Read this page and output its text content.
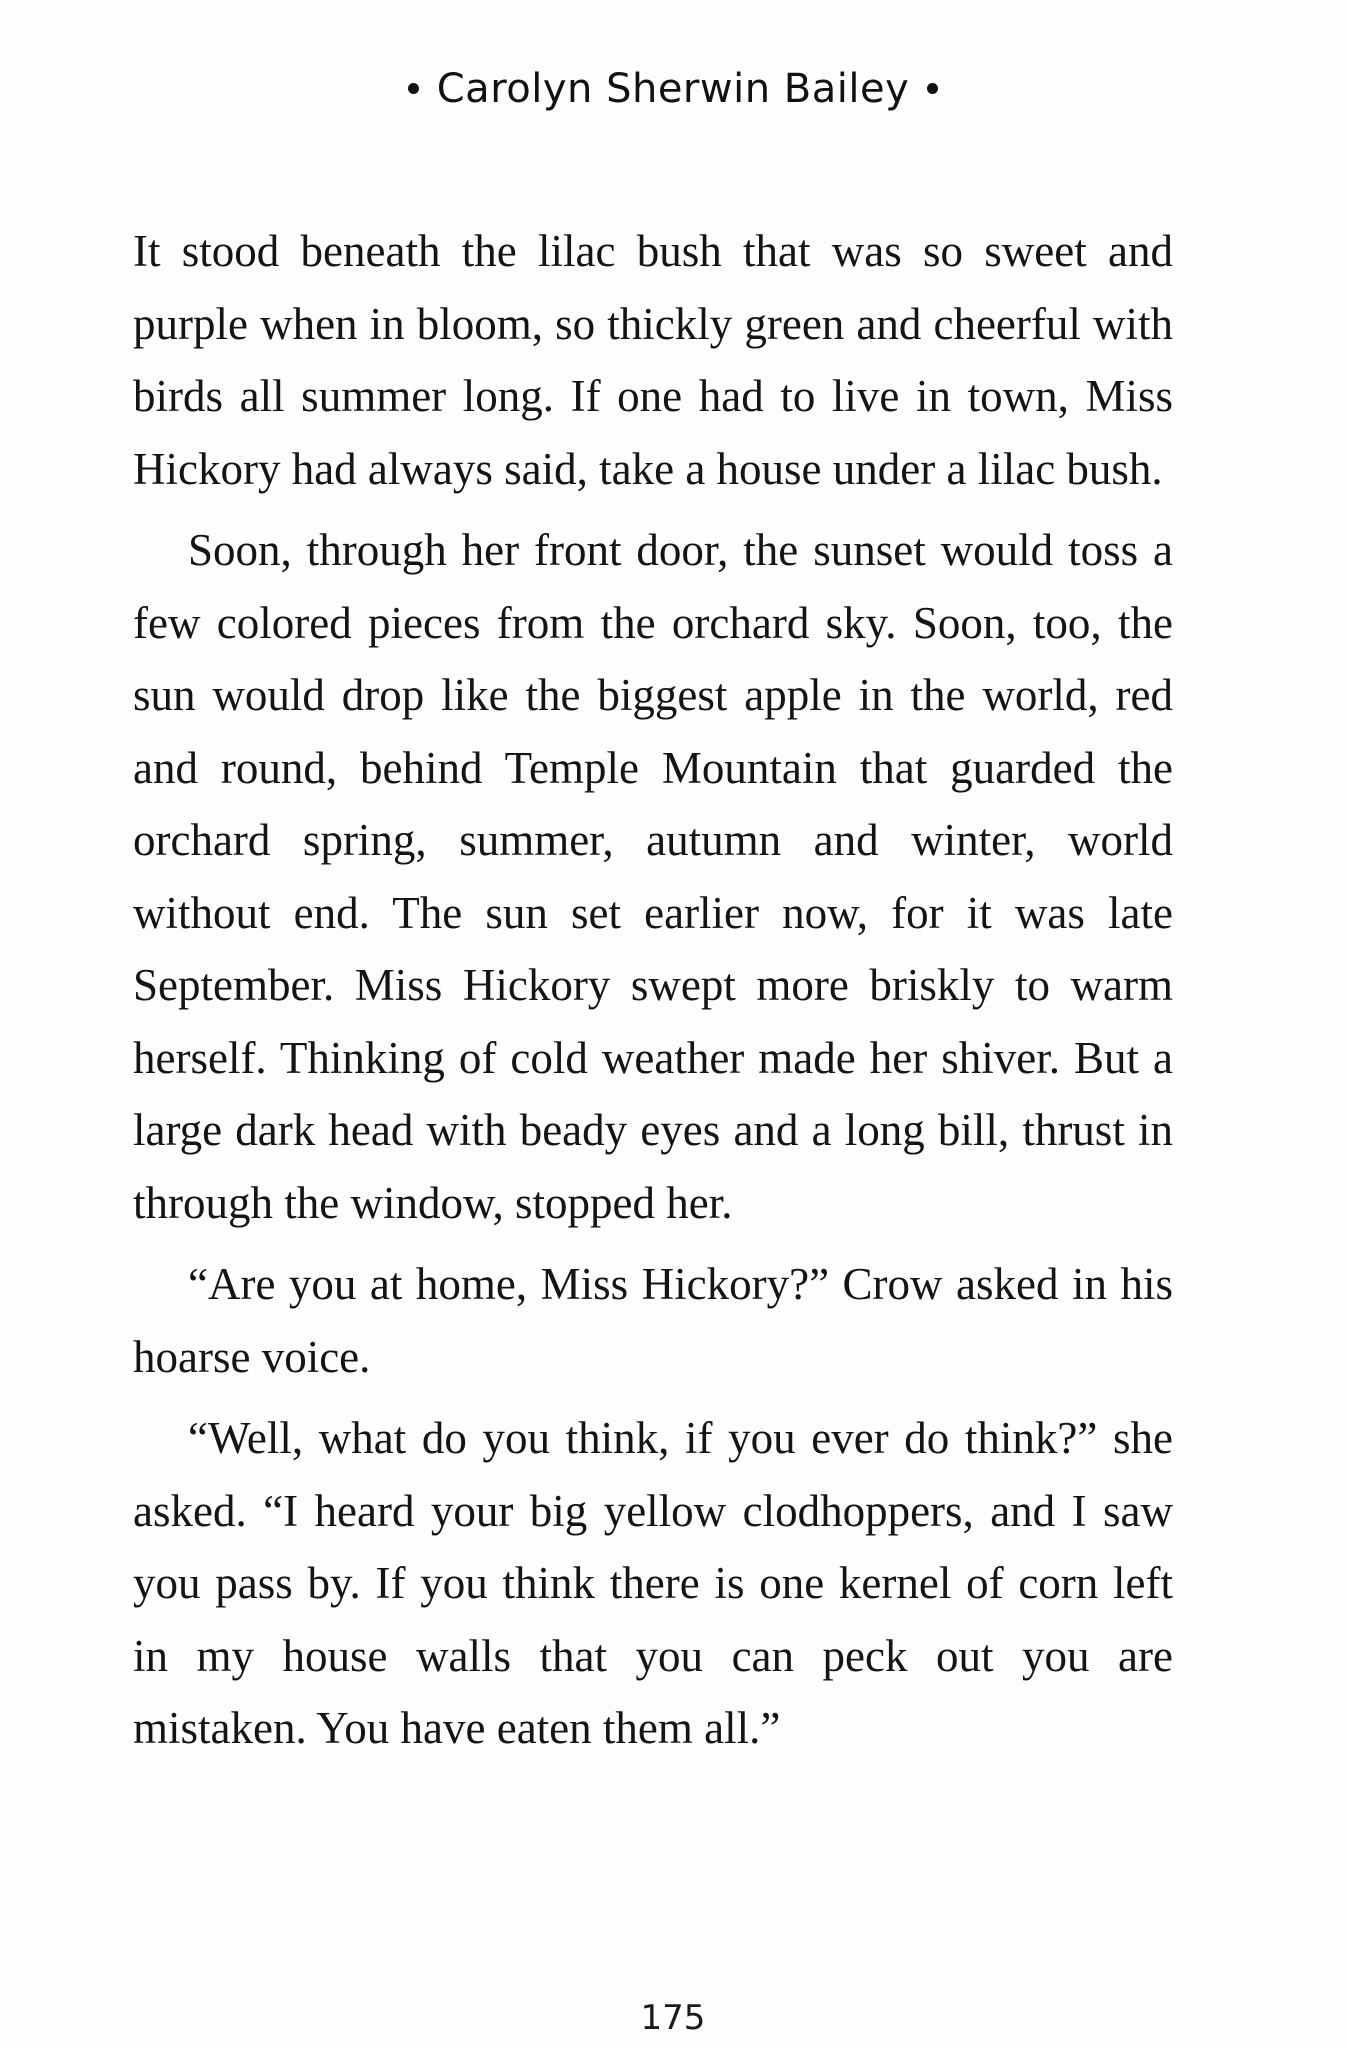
Carolyn Sherwin Bailey

It stood beneath the lilac bush that was so sweet and purple when in bloom, so thickly green and cheerful with birds all summer long. If one had to live in town, Miss Hickory had always said, take a house under a lilac bush.

Soon, through her front door, the sunset would toss a few colored pieces from the orchard sky. Soon, too, the sun would drop like the biggest apple in the world, red and round, behind Temple Mountain that guarded the orchard spring, summer, autumn and winter, world without end. The sun set earlier now, for it was late September. Miss Hickory swept more briskly to warm herself. Thinking of cold weather made her shiver. But a large dark head with beady eyes and a long bill, thrust in through the window, stopped her.

“Are you at home, Miss Hickory?” Crow asked in his hoarse voice.

“Well, what do you think, if you ever do think?” she asked. “I heard your big yellow clodhoppers, and I saw you pass by. If you think there is one kernel of corn left in my house walls that you can peck out you are mistaken. You have eaten them all.”

175
